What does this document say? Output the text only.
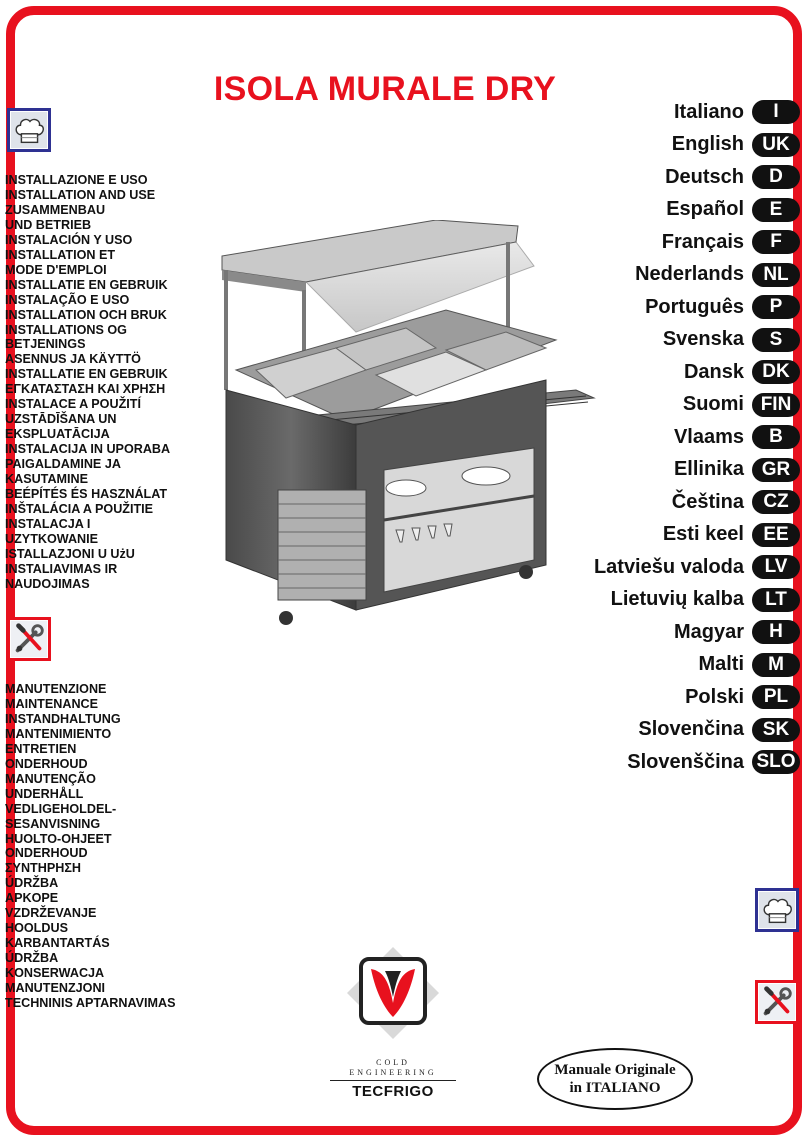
ISOLA MURALE DRY
INSTALLAZIONE E USO
INSTALLATION AND USE
ZUSAMMENBAU
UND BETRIEB
INSTALACIÓN Y USO
INSTALLATION ET
MODE D'EMPLOI
INSTALLATIE EN GEBRUIK
INSTALAÇÃO E USO
INSTALLATION OCH BRUK
INSTALLATIONS OG
BETJENINGS
ASENNUS JA KÄYTTÖ
INSTALLATIE EN GEBRUIK
ΕΓΚΑΤΑΣΤΑΣΗ ΚΑΙ ΧΡΗΣΗ
INSTALACE A POUŽITÍ
UZSTĀDĪŠANA UN
EKSPLUATĀCIJA
INSTALACIJA IN UPORABA
PAIGALDAMINE JA
KASUTAMINE
BEÉPÍTÉS ÉS HASZNÁLAT
INŠTALÁCIA A POUŽITIE
INSTALACJA I
UZYTKOWANIE
ISTALLAZJONI U UżU
INSTALIAVIMAS IR
NAUDOJIMAS
MANUTENZIONE
MAINTENANCE
INSTANDHALTUNG
MANTENIMIENTO
ENTRETIEN
ONDERHOUD
MANUTENÇÃO
UNDERHÅLL
VEDLIGEHOLDEL-
SESANVISNING
HUOLTO-OHJEET
ONDERHOUD
ΣΥΝΤΗΡΗΣΗ
ÚDRŽBA
APKOPE
VZDRŽEVANJE
HOOLDUS
KARBANTARTÁS
ÚDRŽBA
KONSERWACJA
MANUTENZJONI
TECHNINIS APTARNAVIMAS
Italiano	I
English UK
Deutsch	D
Español	E
Français	F
Nederlands	NL
Português	P
Svenska	S
Dansk DK
Suomi FIN
Vlaams	B
Ellinika GR
Čeština	CZ
Esti keel	EE
Latviešu valoda	LV
Lietuvių kalba	LT
Magyar	H
Malti	M
Polski	PL
Slovenčina SK
Slovenščina SLO
COLD
ENGINEERING
TECFRIGO
Manuale Originale
in ITALIANO
